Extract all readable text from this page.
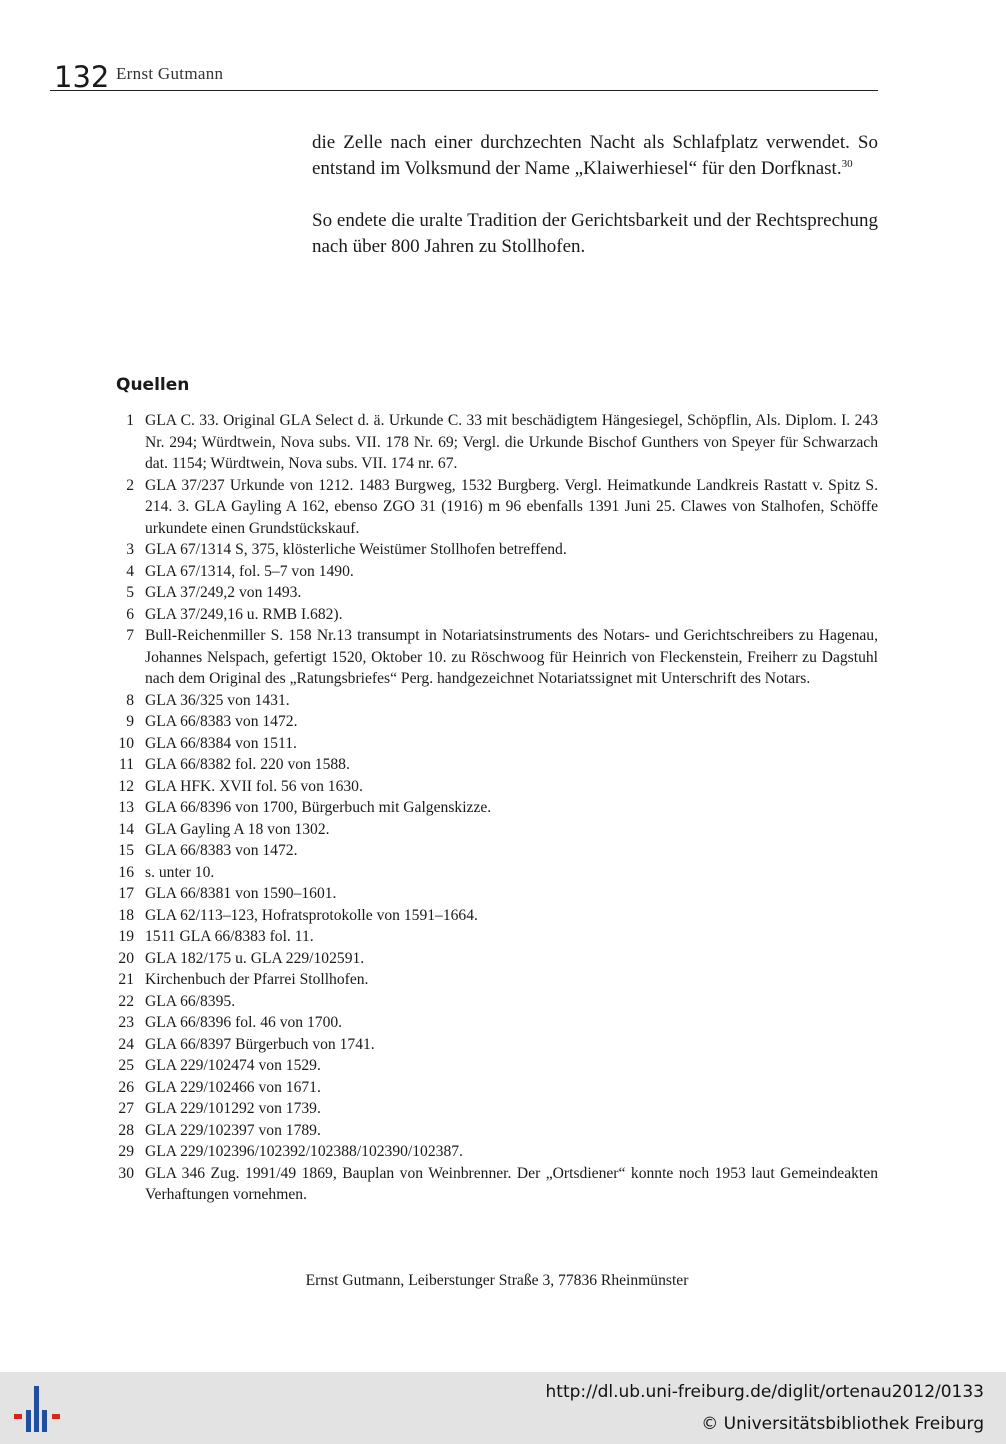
132 Ernst Gutmann

die Zelle nach einer durchzechten Nacht als Schlafplatz verwendet. So entstand im Volksmund der Name „Klaiwerhiesel“ für den Dorfknast.$^{30}$

So endete die uralte Tradition der Gerichtsbarkeit und der Rechtsprechung nach über 800 Jahren zu Stollhofen.

Quellen
1 GLA C. 33. Original GLA Select d. ä. Urkunde C. 33 mit beschädigtem Hängesiegel, Schöpflin, Als. Diplom. I. 243 Nr. 294; Würdtwein, Nova subs. VII. 178 Nr. 69; Vergl. die Urkunde Bischof Gunthers von Speyer für Schwarzach dat. 1154; Würdtwein, Nova subs. VII. 174 nr. 67.
2 GLA 37/237 Urkunde von 1212. 1483 Burgweg, 1532 Burgberg. Vergl. Heimatkunde Landkreis Rastatt v. Spitz S. 214. 3. GLA Gayling A 162, ebenso ZGO 31 (1916) m 96 ebenfalls 1391 Juni 25. Clawes von Stalhofen, Schöffe urkundete einen Grundstückskauf.
3 GLA 67/1314 S, 375, klösterliche Weistümer Stollhofen betreffend.
4 GLA 67/1314, fol. 5–7 von 1490.
5 GLA 37/249,2 von 1493.
6 GLA 37/249,16 u. RMB I.682).
7 Bull-Reichenmiller S. 158 Nr.13 transumpt in Notariatsinstruments des Notars- und Gerichtschreibers zu Hagenau, Johannes Nelspach, gefertigt 1520, Oktober 10. zu Röschwoog für Heinrich von Fleckenstein, Freiherr zu Dagstuhl nach dem Original des „Ratungsbriefes“ Perg. handgezeichnet Notariatssignet mit Unterschrift des Notars.
8 GLA 36/325 von 1431.
9 GLA 66/8383 von 1472.
10 GLA 66/8384 von 1511.
11 GLA 66/8382 fol. 220 von 1588.
12 GLA HFK. XVII fol. 56 von 1630.
13 GLA 66/8396 von 1700, Bürgerbuch mit Galgenskizze.
14 GLA Gayling A 18 von 1302.
15 GLA 66/8383 von 1472.
16 s. unter 10.
17 GLA 66/8381 von 1590–1601.
18 GLA 62/113–123, Hofratsprotokolle von 1591–1664.
19 1511 GLA 66/8383 fol. 11.
20 GLA 182/175 u. GLA 229/102591.
21 Kirchenbuch der Pfarrei Stollhofen.
22 GLA 66/8395.
23 GLA 66/8396 fol. 46 von 1700.
24 GLA 66/8397 Bürgerbuch von 1741.
25 GLA 229/102474 von 1529.
26 GLA 229/102466 von 1671.
27 GLA 229/101292 von 1739.
28 GLA 229/102397 von 1789.
29 GLA 229/102396/102392/102388/102390/102387.
30 GLA 346 Zug. 1991/49 1869, Bauplan von Weinbrenner. Der „Ortsdiener“ konnte noch 1953 laut Gemeindeakten Verhaftungen vornehmen.

Ernst Gutmann, Leiberstunger Straße 3, 77836 Rheinmünster

http://dl.ub.uni-freiburg.de/diglit/ortenau2012/0133
© Universitätsbibliothek Freiburg
